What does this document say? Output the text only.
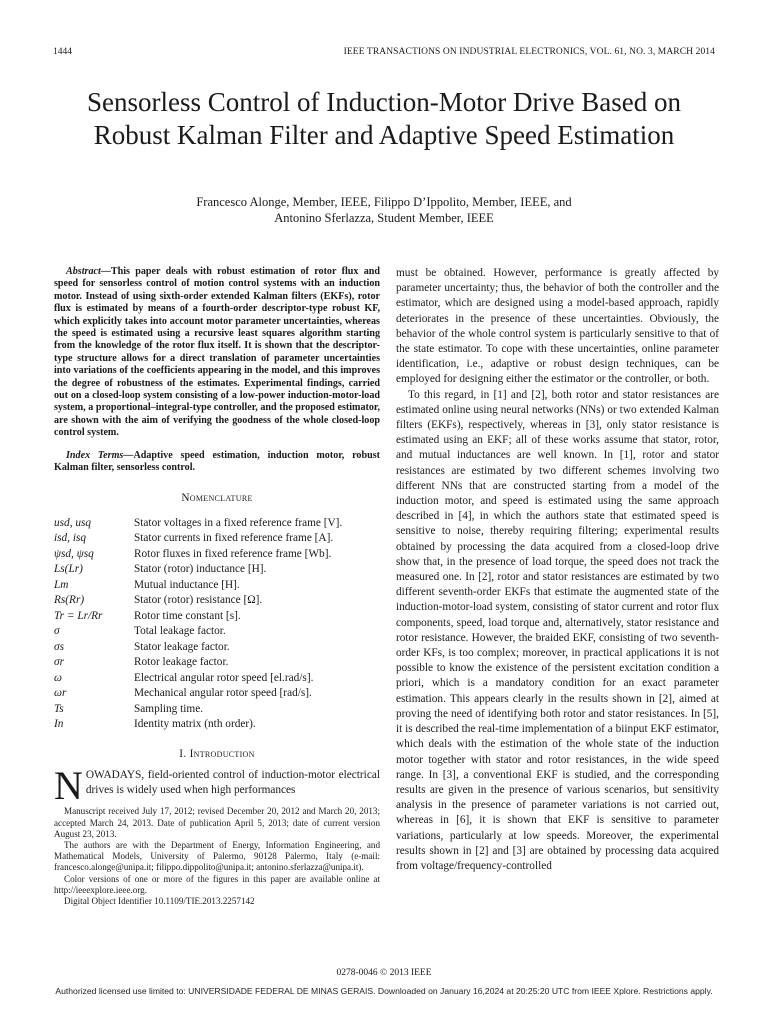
1444	IEEE TRANSACTIONS ON INDUSTRIAL ELECTRONICS, VOL. 61, NO. 3, MARCH 2014
Sensorless Control of Induction-Motor Drive Based on Robust Kalman Filter and Adaptive Speed Estimation
Francesco Alonge, Member, IEEE, Filippo D’Ippolito, Member, IEEE, and
Antonino Sferlazza, Student Member, IEEE

Abstract—This paper deals with robust estimation of rotor flux and speed for sensorless control of motion control systems with an induction motor. Instead of using sixth-order extended Kalman filters (EKFs), rotor flux is estimated by means of a fourth-order descriptor-type robust KF, which explicitly takes into account motor parameter uncertainties, whereas the speed is estimated using a recursive least squares algorithm starting from the knowledge of the rotor flux itself. It is shown that the descriptor-type structure allows for a direct translation of parameter uncertainties into variations of the coefficients appearing in the model, and this improves the degree of robustness of the estimates. Experimental findings, carried out on a closed-loop system consisting of a low-power induction-motor-load system, a proportional–integral-type controller, and the proposed estimator, are shown with the aim of verifying the goodness of the whole closed-loop control system.

Index Terms—Adaptive speed estimation, induction motor, robust Kalman filter, sensorless control.

Nomenclature
usd, usq	Stator voltages in a fixed reference frame [V].
isd, isq	Stator currents in fixed reference frame [A].
ψsd, ψsq	Rotor fluxes in fixed reference frame [Wb].
Ls(Lr)	Stator (rotor) inductance [H].
Lm	Mutual inductance [H].
Rs(Rr)	Stator (rotor) resistance [Ω].
Tr = Lr/Rr	Rotor time constant [s].
σ	Total leakage factor.
σs	Stator leakage factor.
σr	Rotor leakage factor.
ω	Electrical angular rotor speed [el.rad/s].
ωr	Mechanical angular rotor speed [rad/s].
Ts	Sampling time.
In	Identity matrix (nth order).
I. Introduction

NOWADAYS, field-oriented control of induction-motor electrical drives is widely used when high performances

Manuscript received July 17, 2012; revised December 20, 2012 and March 20, 2013; accepted March 24, 2013. Date of publication April 5, 2013; date of current version August 23, 2013.

The authors are with the Department of Energy, Information Engineering, and Mathematical Models, University of Palermo, 90128 Palermo, Italy (e-mail: francesco.alonge@unipa.it; filippo.dippolito@unipa.it; antonino.sferlazza@unipa.it).

Color versions of one or more of the figures in this paper are available online at http://ieeexplore.ieee.org.

Digital Object Identifier 10.1109/TIE.2013.2257142

must be obtained. However, performance is greatly affected by parameter uncertainty; thus, the behavior of both the controller and the estimator, which are designed using a model-based approach, rapidly deteriorates in the presence of these uncertainties. Obviously, the behavior of the whole control system is particularly sensitive to that of the state estimator. To cope with these uncertainties, online parameter identification, i.e., adaptive or robust design techniques, can be employed for designing either the estimator or the controller, or both.

To this regard, in [1] and [2], both rotor and stator resistances are estimated online using neural networks (NNs) or two extended Kalman filters (EKFs), respectively, whereas in [3], only stator resistance is estimated using an EKF; all of these works assume that stator, rotor, and mutual inductances are well known. In [1], rotor and stator resistances are estimated by two different schemes involving two different NNs that are constructed starting from a model of the induction motor, and speed is estimated using the same approach described in [4], in which the authors state that estimated speed is sensitive to noise, thereby requiring filtering; experimental results obtained by processing the data acquired from a closed-loop drive show that, in the presence of load torque, the speed does not track the measured one. In [2], rotor and stator resistances are estimated by two different seventh-order EKFs that estimate the augmented state of the induction-motor-load system, consisting of stator current and rotor flux components, speed, load torque and, alternatively, stator resistance and rotor resistance. However, the braided EKF, consisting of two seventh-order KFs, is too complex; moreover, in practical applications it is not possible to know the existence of the persistent excitation condition a priori, which is a mandatory condition for an exact parameter estimation. This appears clearly in the results shown in [2], aimed at proving the need of identifying both rotor and stator resistances. In [5], it is described the real-time implementation of a biinput EKF estimator, which deals with the estimation of the whole state of the induction motor together with stator and rotor resistances, in the wide speed range. In [3], a conventional EKF is studied, and the corresponding results are given in the presence of various scenarios, but sensitivity analysis in the presence of parameter variations is not carried out, whereas in [6], it is shown that EKF is sensitive to parameter variations, particularly at low speeds. Moreover, the experimental results shown in [2] and [3] are obtained by processing data acquired from voltage/frequency-controlled

0278-0046 © 2013 IEEE
Authorized licensed use limited to: UNIVERSIDADE FEDERAL DE MINAS GERAIS. Downloaded on January 16,2024 at 20:25:20 UTC from IEEE Xplore. Restrictions apply.
